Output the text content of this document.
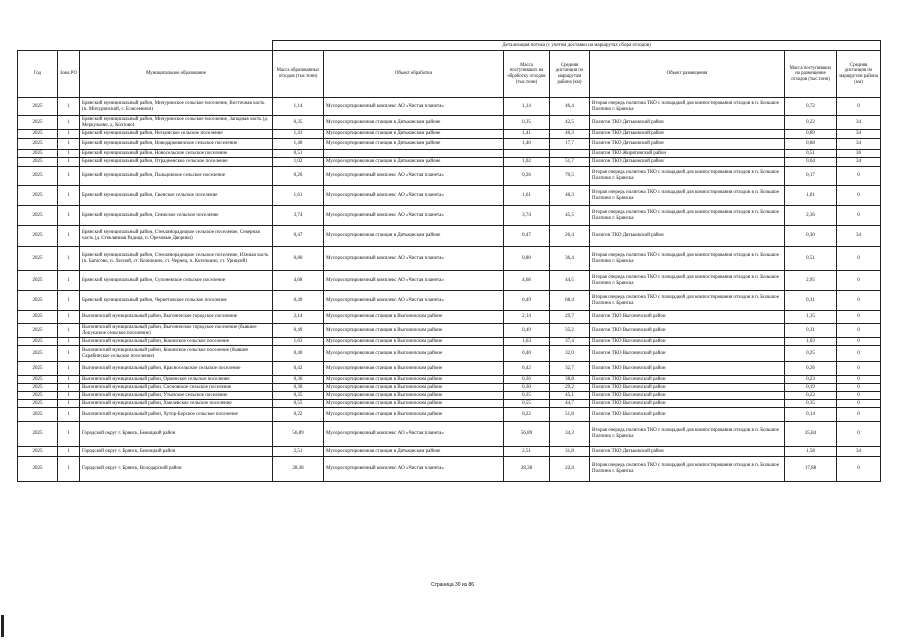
			Детализация потока (с учетом доставки на маршрутах сбора отходов)						
Год	Зона РО	Муниципальное образование	Масса образованных отходов (тыс.тонн)	Объект обработки	Масса поступивших на обработку отходов (тыс.тонн)	Средняя дистанция по маршрутам района (км)	Объект размещения	Масса поступивших на размещение отходов (тыс.тонн)	Средняя дистанция по маршрутам района (км)
2025	1	Брянский муниципальный район, Мичуринское сельское поселение, Восточная часть (п. Мичуринский, с. Елисеевичи)	1,14	Мусоросортировочный комплекс АО «Чистая планета»	1,14	46,4	Вторая очередь полигона ТКО с площадкой для компостирования отходов в п. Большое Полпино г. Брянска	0,72	0
2025	1	Брянский муниципальный район, Мичуринское сельское поселение, Западная часть (д. Меркульево, д. Колтово)	0,35	Мусоросортировочная станция в Дятьковском районе	0,35	42,5	Полигон ТКО Дятьковский район	0,22	34
2025	1	Брянский муниципальный район, Нетьинское сельское поселение	1,41	Мусоросортировочная станция в Дятьковском районе	1,41	46,3	Полигон ТКО Дятьковский район	0,89	34
2025	1	Брянский муниципальный район, Новодарковичское сельское поселение	1,40	Мусоросортировочная станция в Дятьковском районе	1,40	17,7	Полигон ТКО Дятьковский район	0,88	34
2025	1	Брянский муниципальный район, Новосельское сельское поселение	0,51				Полигон ТКО Жирятинский район	0,51	36
2025	1	Брянский муниципальный район, Отрадненское сельское поселение	1,02	Мусоросортировочная станция в Дятьковском районе	1,02	51,7	Полигон ТКО Дятьковский район	0,64	34
2025	1	Брянский муниципальный район, Пальцовское сельское поселение	0,26	Мусоросортировочный комплекс АО «Чистая планета»	0,26	70,5	Вторая очередь полигона ТКО с площадкой для компостирования отходов в п. Большое Полпино г. Брянска	0,17	0
2025	1	Брянский муниципальный район, Свенское сельское поселение	1,61	Мусоросортировочный комплекс АО «Чистая планета»	1,61	46,3	Вторая очередь полигона ТКО с площадкой для компостирования отходов в п. Большое Полпино г. Брянска	1,01	0
2025	1	Брянский муниципальный район, Снежское сельское поселение	3,74	Мусоросортировочный комплекс АО «Чистая планета»	3,74	45,5	Вторая очередь полигона ТКО с площадкой для компостирования отходов в п. Большое Полпино г. Брянска	2,36	0
2025	1	Брянский муниципальный район, Стеклянорадицкое сельское поселение, Северная часть (д. Стеклянная Радица, п. Ореховые Дворики)	0,47	Мусоросортировочная станция в Дятьковском районе	0,47	26,4	Полигон ТКО Дятьковский район	0,30	34
2025	1	Брянский муниципальный район, Стеклянорадицкое сельское поселение, Южная часть (п. Батагово, п. Лесной, ст. Козелкино, ст. Чернец, п. Котелкино, ст. Урицкий)	0,80	Мусоросортировочный комплекс АО «Чистая планета»	0,80	36,4	Вторая очередь полигона ТКО с площадкой для компостирования отходов в п. Большое Полпино г. Брянска	0,51	0
2025	1	Брянский муниципальный район, Супоневское сельское поселение	4,68	Мусоросортировочный комплекс АО «Чистая планета»	4,68	44,5	Вторая очередь полигона ТКО с площадкой для компостирования отходов в п. Большое Полпино г. Брянска	2,95	0
2025	1	Брянский муниципальный район, Чернетовское сельское поселение	0,49	Мусоросортировочный комплекс АО «Чистая планета»	0,49	68,4	Вторая очередь полигона ТКО с площадкой для компостирования отходов в п. Большое Полпино г. Брянска	0,31	0
2025	1	Выгоничский муниципальный район, Выгоничское городское поселение	2,14	Мусоросортировочная станция в Выгоничском районе	2,14	29,7	Полигон ТКО Выгоничский район	1,35	0
2025	1	Выгоничский муниципальный район, Выгоничское городское поселение (бывшее Лопушское сельское поселение)	0,49	Мусоросортировочная станция в Выгоничском районе	0,49	35,2	Полигон ТКО Выгоничский район	0,31	0
2025	1	Выгоничский муниципальный район, Кокинское сельское поселение	1,63	Мусоросортировочная станция в Выгоничском районе	1,63	37,4	Полигон ТКО Выгоничский район	1,03	0
2025	1	Выгоничский муниципальный район, Кокинское сельское поселение (бывшее Скрябинское сельское поселение)	0,40	Мусоросортировочная станция в Выгоничском районе	0,40	32,0	Полигон ТКО Выгоничский район	0,25	0
2025	1	Выгоничский муниципальный район, Красносельское сельское поселение	0,42	Мусоросортировочная станция в Выгоничском районе	0,42	32,7	Полигон ТКО Выгоничский район	0,26	0
2025	1	Выгоничский муниципальный район, Орменское сельское поселение	0,36	Мусоросортировочная станция в Выгоничском районе	0,36	38,8	Полигон ТКО Выгоничский район	0,23	0
2025	1	Выгоничский муниципальный район, Сосновское сельское поселение	0,30	Мусоросортировочная станция в Выгоничском районе	0,30	29,2	Полигон ТКО Выгоничский район	0,19	0
2025	1	Выгоничский муниципальный район, Утынское сельское поселение	0,35	Мусоросортировочная станция в Выгоничском районе	0,35	45,1	Полигон ТКО Выгоничский район	0,22	0
2025	1	Выгоничский муниципальный район, Хмелевское сельское поселение	0,55	Мусоросортировочная станция в Выгоничском районе	0,55	44,7	Полигон ТКО Выгоничский район	0,35	0
2025	1	Выгоничский муниципальный район, Хутор-Борское сельское поселение	0,22	Мусоросортировочная станция в Выгоничском районе	0,22	51,8	Полигон ТКО Выгоничский район	0,14	0
2025	1	Городской округ г. Брянск, Бежицкий район	56,89	Мусоросортировочный комплекс АО «Чистая планета»	56,89	34,3	Вторая очередь полигона ТКО с площадкой для компостирования отходов в п. Большое Полпино г. Брянска	35,84	0
2025	1	Городской округ г. Брянск, Бежицкий район	2,51	Мусоросортировочная станция в Дятьковском районе	2,51	31,8	Полигон ТКО Дятьковский район	1,58	34
2025	1	Городской округ г. Брянск, Володарский район	28,38	Мусоросортировочный комплекс АО «Чистая планета»	28,38	22,4	Вторая очередь полигона ТКО с площадкой для компостирования отходов в п. Большое Полпино г. Брянска	17,88	0
Страница 30 из 86
